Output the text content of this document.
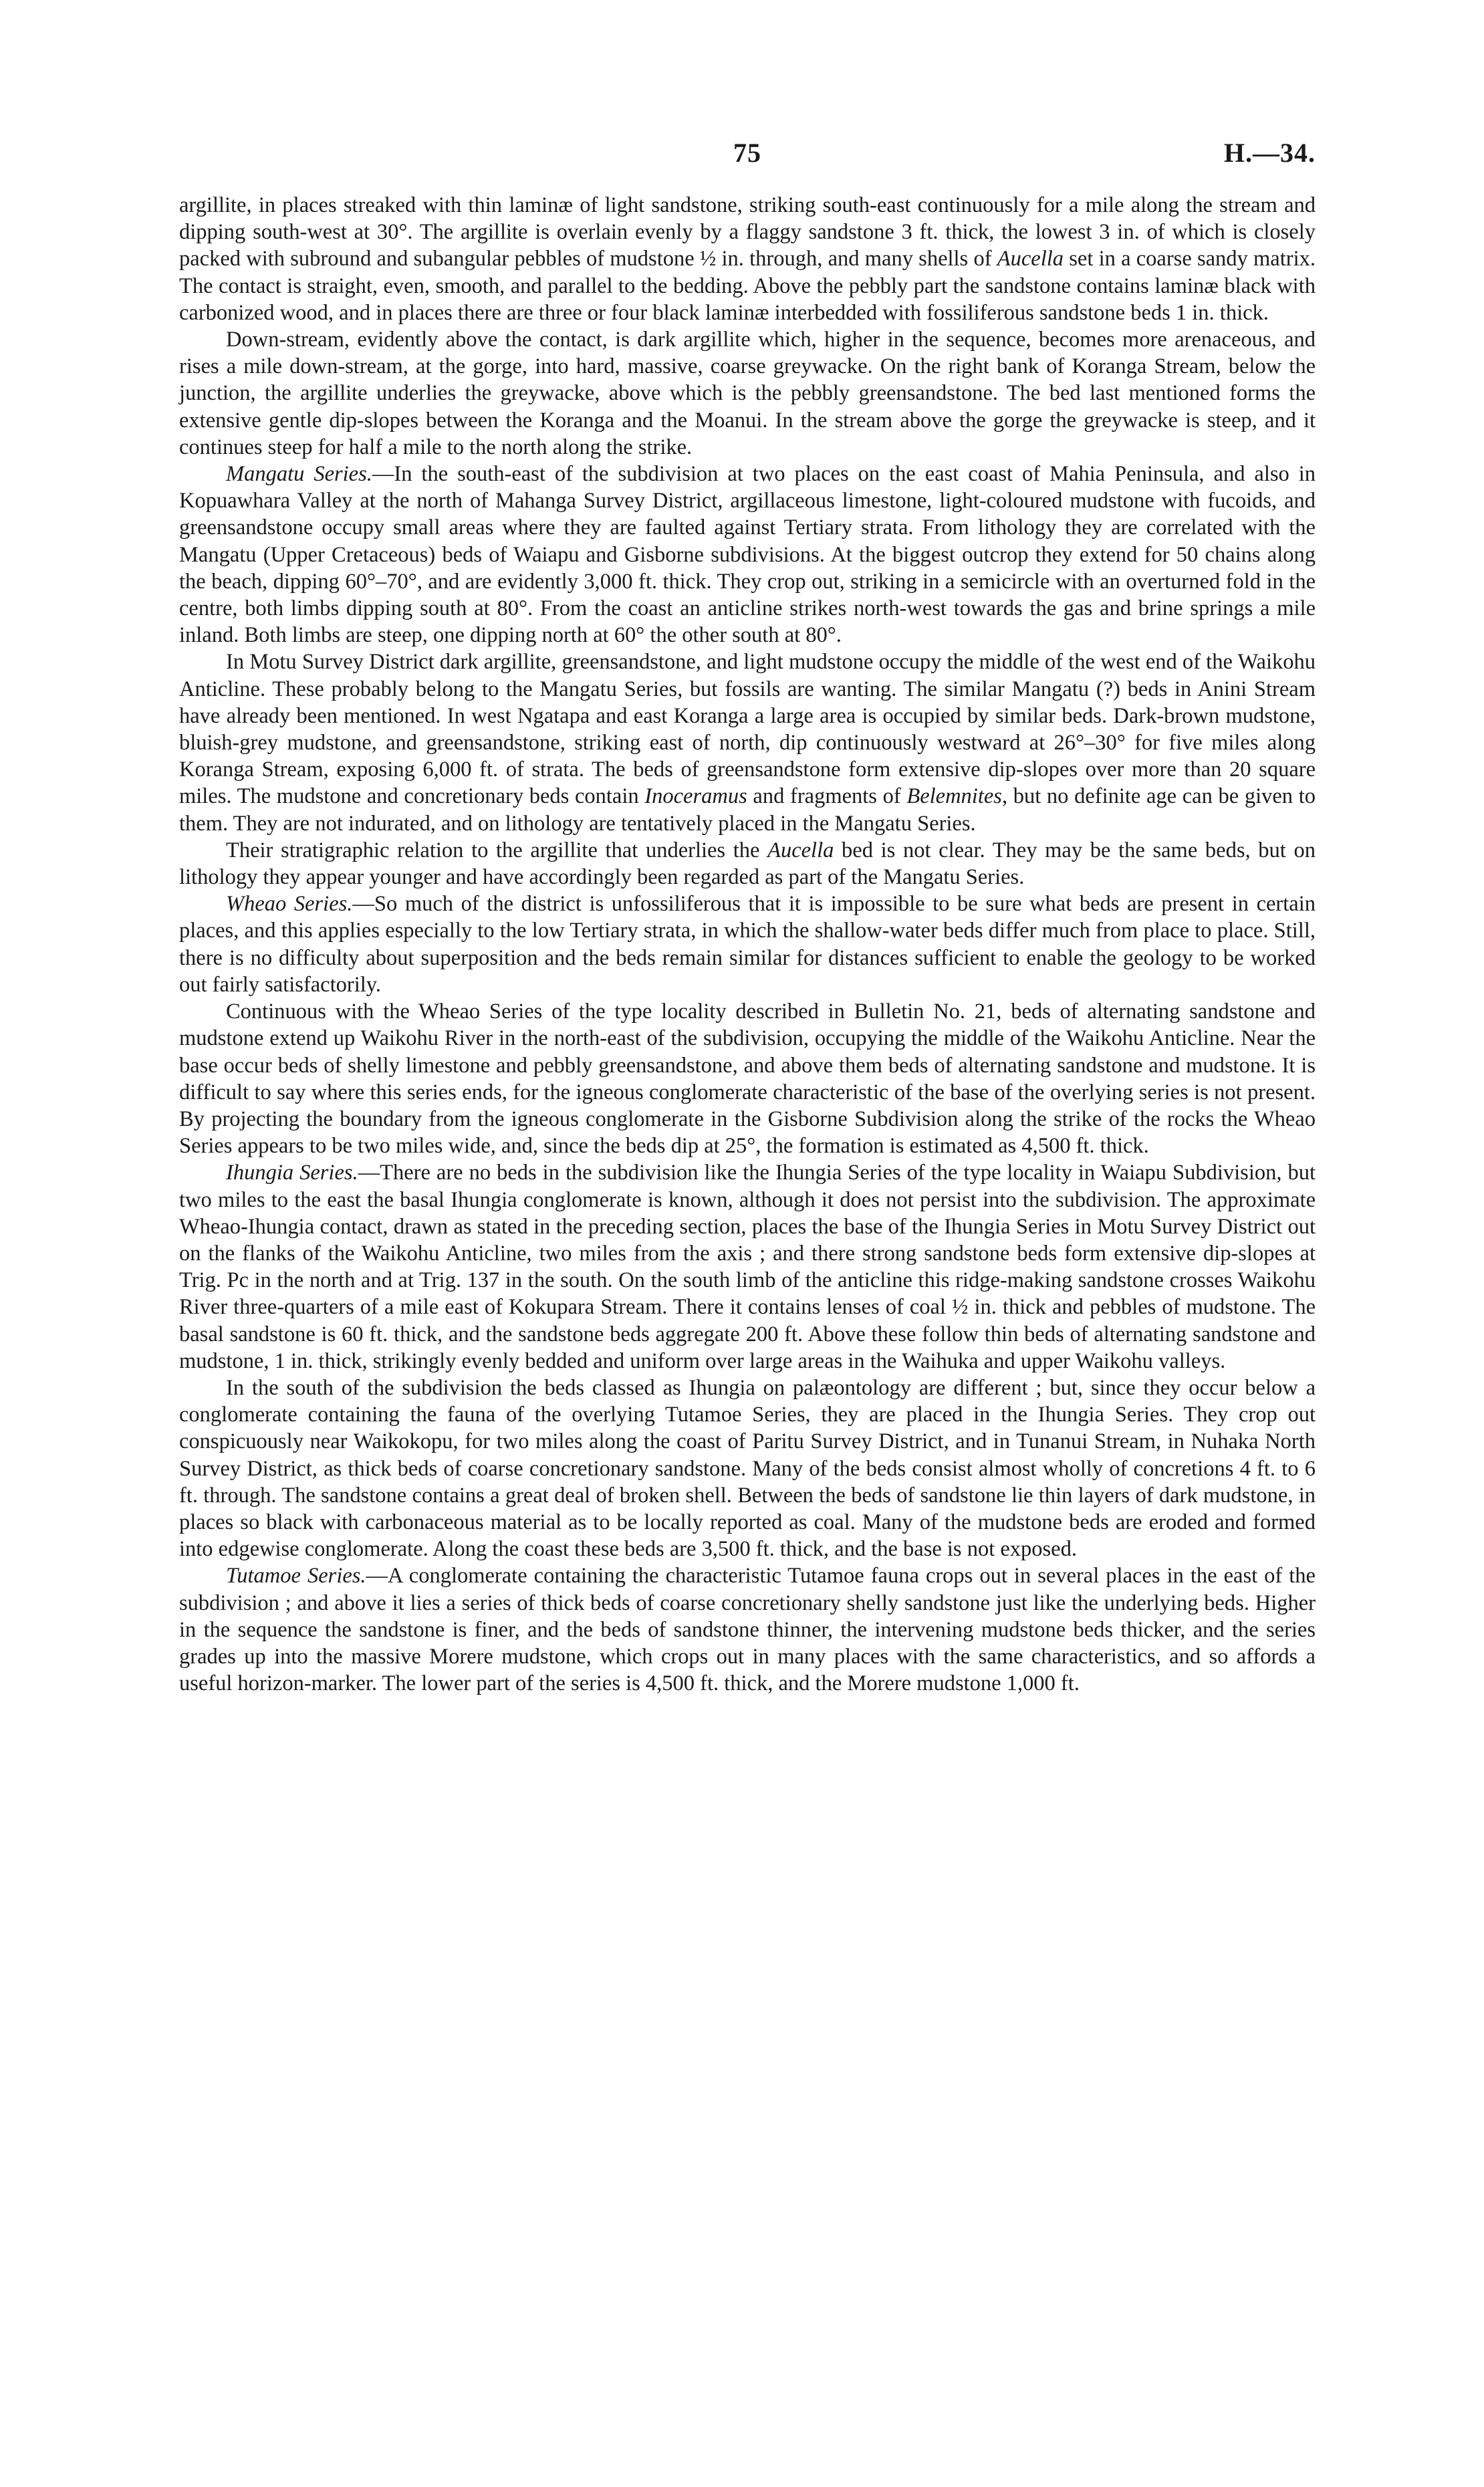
75	H.—34.

argillite, in places streaked with thin laminæ of light sandstone, striking south-east continuously for a mile along the stream and dipping south-west at 30°. The argillite is overlain evenly by a flaggy sandstone 3 ft. thick, the lowest 3 in. of which is closely packed with subround and subangular pebbles of mudstone ½ in. through, and many shells of Aucella set in a coarse sandy matrix. The contact is straight, even, smooth, and parallel to the bedding. Above the pebbly part the sandstone contains laminæ black with carbonized wood, and in places there are three or four black laminæ interbedded with fossiliferous sandstone beds 1 in. thick.

Down-stream, evidently above the contact, is dark argillite which, higher in the sequence, becomes more arenaceous, and rises a mile down-stream, at the gorge, into hard, massive, coarse greywacke. On the right bank of Koranga Stream, below the junction, the argillite underlies the greywacke, above which is the pebbly greensandstone. The bed last mentioned forms the extensive gentle dip-slopes between the Koranga and the Moanui. In the stream above the gorge the greywacke is steep, and it continues steep for half a mile to the north along the strike.

Mangatu Series.—In the south-east of the subdivision at two places on the east coast of Mahia Peninsula, and also in Kopuawhara Valley at the north of Mahanga Survey District, argillaceous limestone, light-coloured mudstone with fucoids, and greensandstone occupy small areas where they are faulted against Tertiary strata. From lithology they are correlated with the Mangatu (Upper Cretaceous) beds of Waiapu and Gisborne subdivisions. At the biggest outcrop they extend for 50 chains along the beach, dipping 60°–70°, and are evidently 3,000 ft. thick. They crop out, striking in a semicircle with an overturned fold in the centre, both limbs dipping south at 80°. From the coast an anticline strikes north-west towards the gas and brine springs a mile inland. Both limbs are steep, one dipping north at 60° the other south at 80°.

In Motu Survey District dark argillite, greensandstone, and light mudstone occupy the middle of the west end of the Waikohu Anticline. These probably belong to the Mangatu Series, but fossils are wanting. The similar Mangatu (?) beds in Anini Stream have already been mentioned. In west Ngatapa and east Koranga a large area is occupied by similar beds. Dark-brown mudstone, bluish-grey mudstone, and greensandstone, striking east of north, dip continuously westward at 26°–30° for five miles along Koranga Stream, exposing 6,000 ft. of strata. The beds of greensandstone form extensive dip-slopes over more than 20 square miles. The mudstone and concretionary beds contain Inoceramus and fragments of Belemnites, but no definite age can be given to them. They are not indurated, and on lithology are tentatively placed in the Mangatu Series.

Their stratigraphic relation to the argillite that underlies the Aucella bed is not clear. They may be the same beds, but on lithology they appear younger and have accordingly been regarded as part of the Mangatu Series.

Wheao Series.—So much of the district is unfossiliferous that it is impossible to be sure what beds are present in certain places, and this applies especially to the low Tertiary strata, in which the shallow-water beds differ much from place to place. Still, there is no difficulty about superposition and the beds remain similar for distances sufficient to enable the geology to be worked out fairly satisfactorily.

Continuous with the Wheao Series of the type locality described in Bulletin No. 21, beds of alternating sandstone and mudstone extend up Waikohu River in the north-east of the subdivision, occupying the middle of the Waikohu Anticline. Near the base occur beds of shelly limestone and pebbly greensandstone, and above them beds of alternating sandstone and mudstone. It is difficult to say where this series ends, for the igneous conglomerate characteristic of the base of the overlying series is not present. By projecting the boundary from the igneous conglomerate in the Gisborne Subdivision along the strike of the rocks the Wheao Series appears to be two miles wide, and, since the beds dip at 25°, the formation is estimated as 4,500 ft. thick.

Ihungia Series.—There are no beds in the subdivision like the Ihungia Series of the type locality in Waiapu Subdivision, but two miles to the east the basal Ihungia conglomerate is known, although it does not persist into the subdivision. The approximate Wheao-Ihungia contact, drawn as stated in the preceding section, places the base of the Ihungia Series in Motu Survey District out on the flanks of the Waikohu Anticline, two miles from the axis ; and there strong sandstone beds form extensive dip-slopes at Trig. Pc in the north and at Trig. 137 in the south. On the south limb of the anticline this ridge-making sandstone crosses Waikohu River three-quarters of a mile east of Kokupara Stream. There it contains lenses of coal ½ in. thick and pebbles of mudstone. The basal sandstone is 60 ft. thick, and the sandstone beds aggregate 200 ft. Above these follow thin beds of alternating sandstone and mudstone, 1 in. thick, strikingly evenly bedded and uniform over large areas in the Waihuka and upper Waikohu valleys.

In the south of the subdivision the beds classed as Ihungia on palæontology are different ; but, since they occur below a conglomerate containing the fauna of the overlying Tutamoe Series, they are placed in the Ihungia Series. They crop out conspicuously near Waikokopu, for two miles along the coast of Paritu Survey District, and in Tunanui Stream, in Nuhaka North Survey District, as thick beds of coarse concretionary sandstone. Many of the beds consist almost wholly of concretions 4 ft. to 6 ft. through. The sandstone contains a great deal of broken shell. Between the beds of sandstone lie thin layers of dark mudstone, in places so black with carbonaceous material as to be locally reported as coal. Many of the mudstone beds are eroded and formed into edgewise conglomerate. Along the coast these beds are 3,500 ft. thick, and the base is not exposed.

Tutamoe Series.—A conglomerate containing the characteristic Tutamoe fauna crops out in several places in the east of the subdivision ; and above it lies a series of thick beds of coarse concretionary shelly sandstone just like the underlying beds. Higher in the sequence the sandstone is finer, and the beds of sandstone thinner, the intervening mudstone beds thicker, and the series grades up into the massive Morere mudstone, which crops out in many places with the same characteristics, and so affords a useful horizon-marker. The lower part of the series is 4,500 ft. thick, and the Morere mudstone 1,000 ft.
